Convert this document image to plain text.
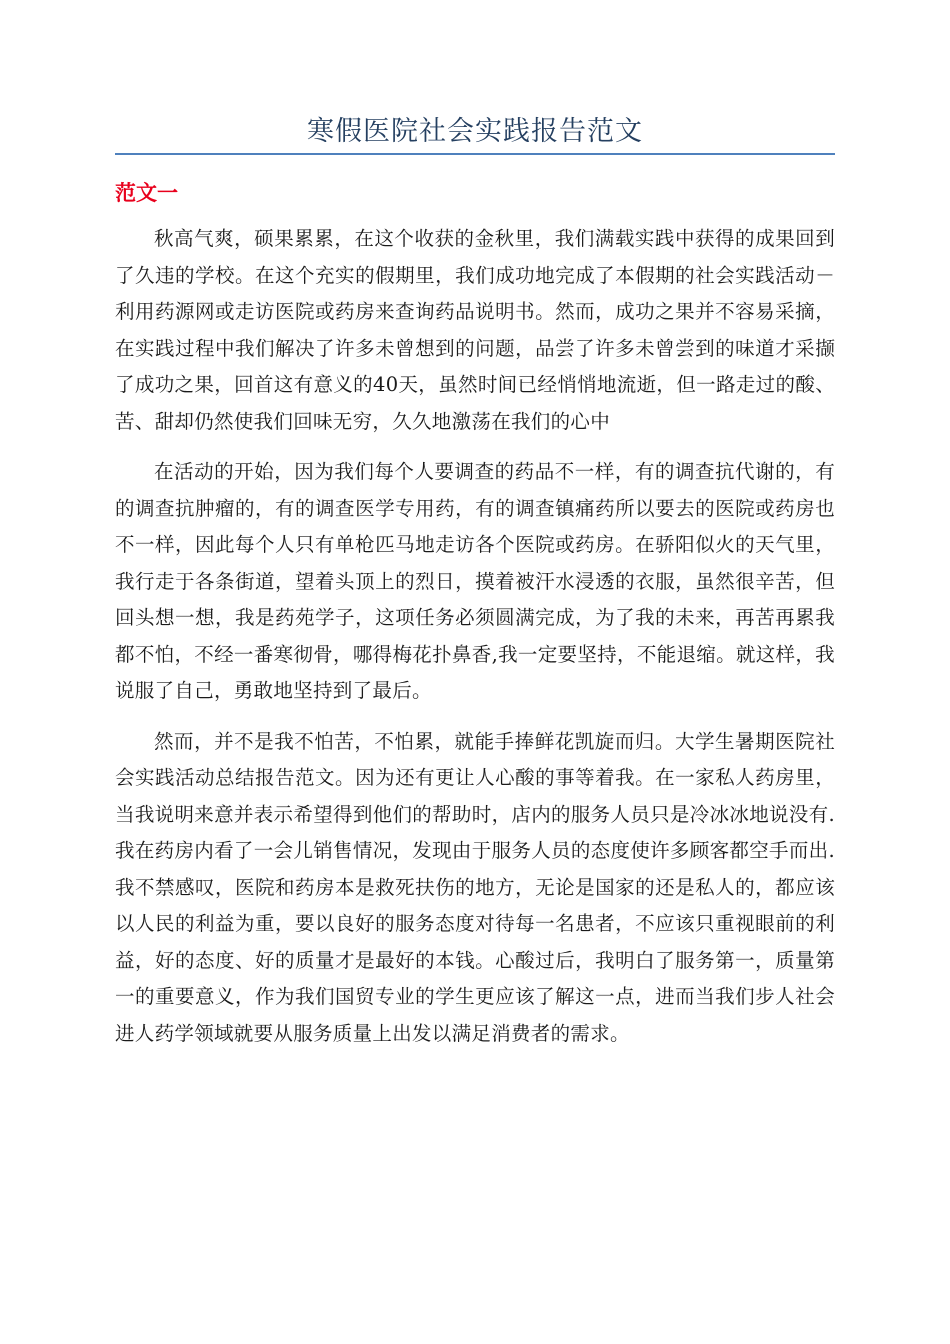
寒假医院社会实践报告范文
范文一

秋高气爽，硕果累累，在这个收获的金秋里，我们满载实践中获得的成果回到了久违的学校。在这个充实的假期里，我们成功地完成了本假期的社会实践活动－利用药源网或走访医院或药房来查询药品说明书。然而，成功之果并不容易采摘，在实践过程中我们解决了许多未曾想到的问题，品尝了许多未曾尝到的味道才采撷了成功之果，回首这有意义的40天，虽然时间已经悄悄地流逝，但一路走过的酸、苦、甜却仍然使我们回味无穷，久久地激荡在我们的心中

在活动的开始，因为我们每个人要调查的药品不一样，有的调查抗代谢的，有的调查抗肿瘤的，有的调查医学专用药，有的调查镇痛药所以要去的医院或药房也不一样，因此每个人只有单枪匹马地走访各个医院或药房。在骄阳似火的天气里，我行走于各条街道，望着头顶上的烈日，摸着被汗水浸透的衣服，虽然很辛苦，但回头想一想，我是药苑学子，这项任务必须圆满完成，为了我的未来，再苦再累我都不怕，不经一番寒彻骨，哪得梅花扑鼻香,我一定要坚持，不能退缩。就这样，我说服了自己，勇敢地坚持到了最后。

然而，并不是我不怕苦，不怕累，就能手捧鲜花凯旋而归。大学生暑期医院社会实践活动总结报告范文。因为还有更让人心酸的事等着我。在一家私人药房里，当我说明来意并表示希望得到他们的帮助时，店内的服务人员只是冷冰冰地说没有.我在药房内看了一会儿销售情况，发现由于服务人员的态度使许多顾客都空手而出.我不禁感叹，医院和药房本是救死扶伤的地方，无论是国家的还是私人的，都应该以人民的利益为重，要以良好的服务态度对待每一名患者，不应该只重视眼前的利益，好的态度、好的质量才是最好的本钱。心酸过后，我明白了服务第一，质量第一的重要意义，作为我们国贸专业的学生更应该了解这一点，进而当我们步人社会进人药学领域就要从服务质量上出发以满足消费者的需求。
